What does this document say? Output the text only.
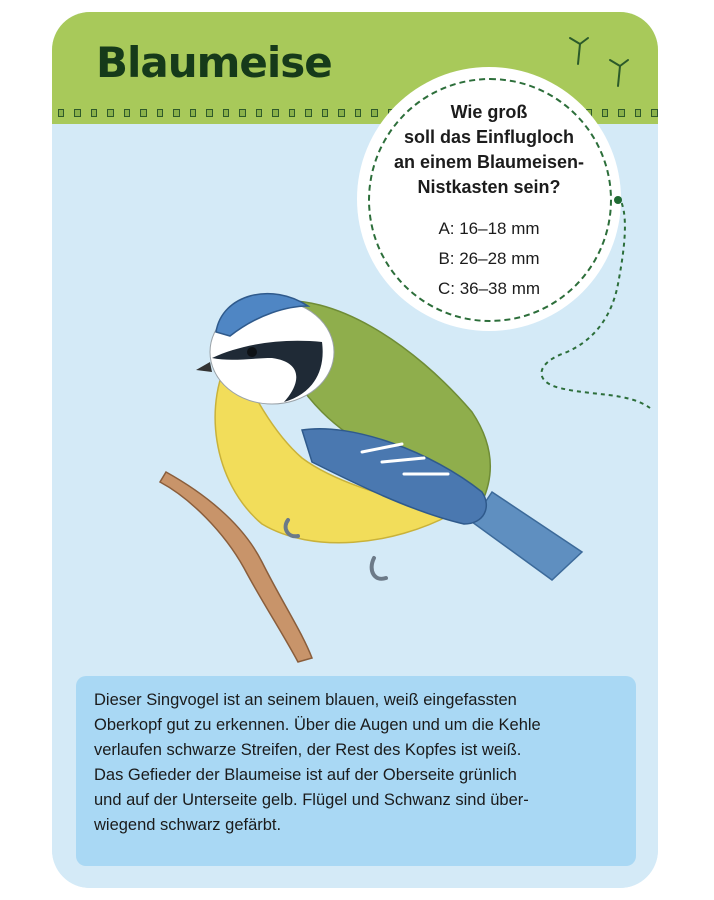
Blaumeise
Wie groß
soll das Einflugloch
an einem Blaumeisen-
Nistkasten sein?
A: 16–18 mm
B: 26–28 mm
C: 36–38 mm

Dieser Singvogel ist an seinem blauen, weiß eingefassten

Oberkopf gut zu erkennen. Über die Augen und um die Kehle

verlaufen schwarze Streifen, der Rest des Kopfes ist weiß.

Das Gefieder der Blaumeise ist auf der Oberseite grünlich

und auf der Unterseite gelb. Flügel und Schwanz sind über-

wiegend schwarz gefärbt.
